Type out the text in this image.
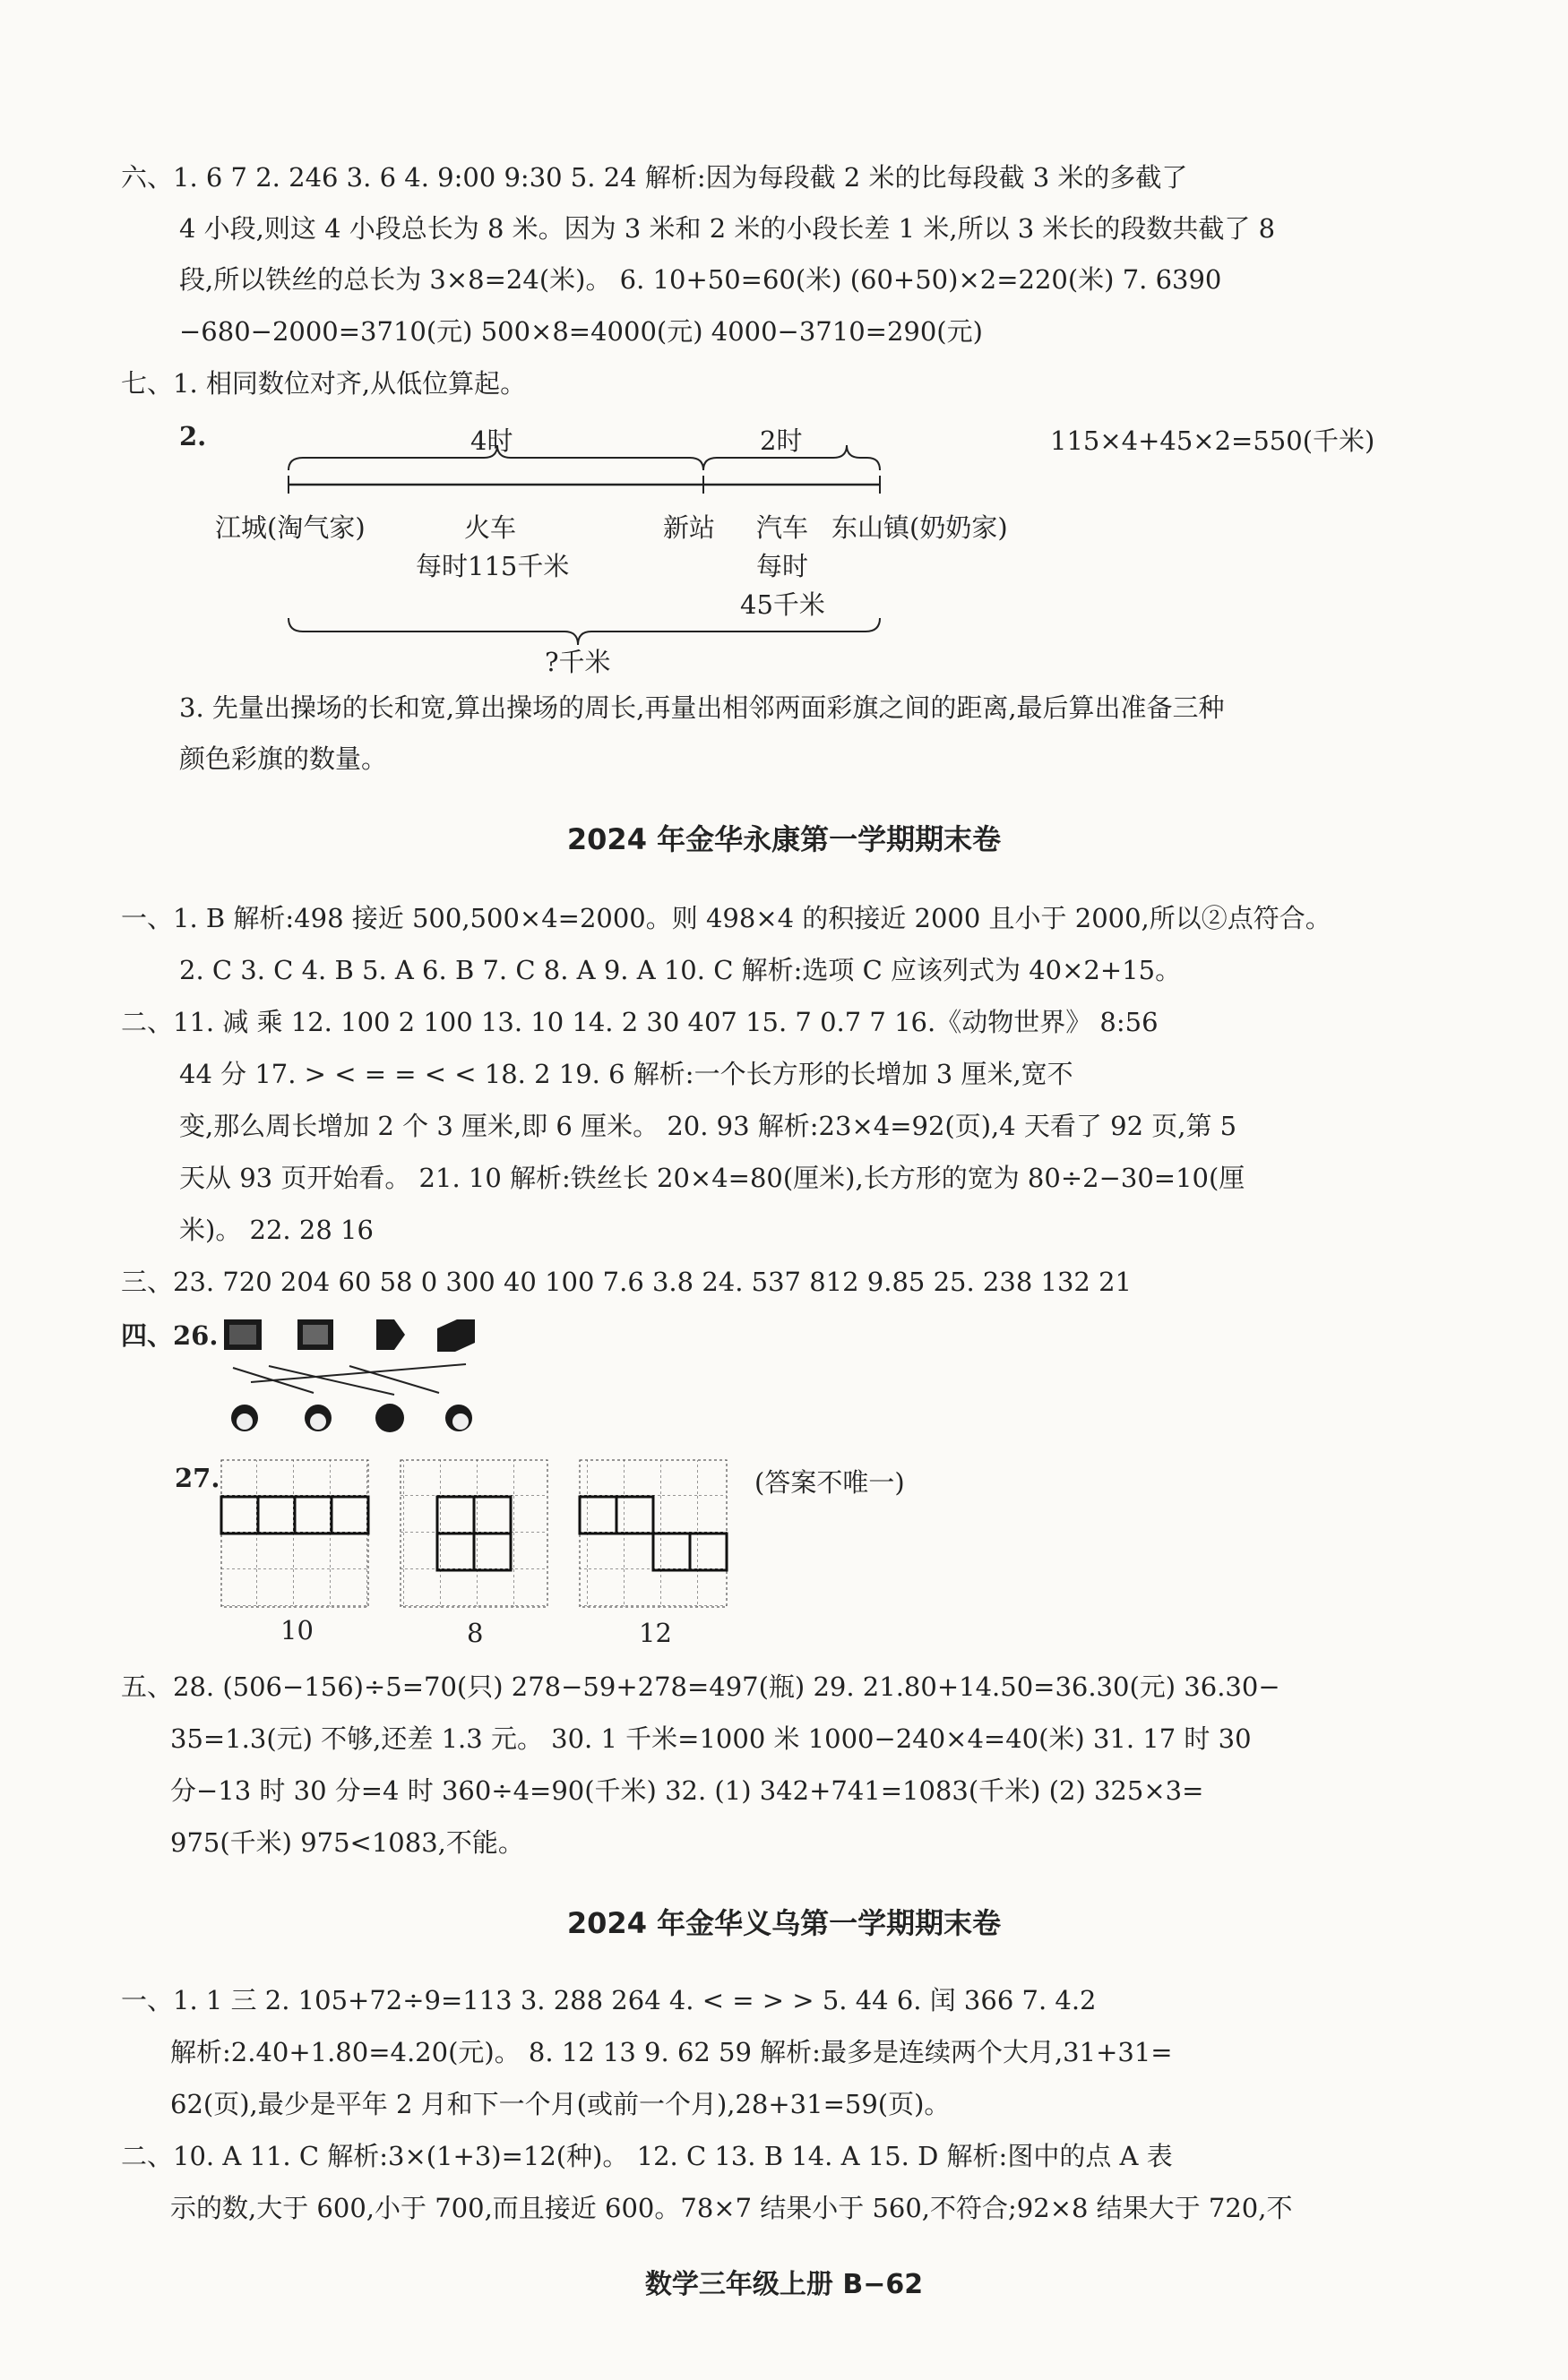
六、1. 6 7 2. 246 3. 6 4. 9:00 9:30 5. 24 解析:因为每段截 2 米的比每段截 3 米的多截了
4 小段,则这 4 小段总长为 8 米。因为 3 米和 2 米的小段长差 1 米,所以 3 米长的段数共截了 8
段,所以铁丝的总长为 3×8=24(米)。 6. 10+50=60(米) (60+50)×2=220(米) 7. 6390
−680−2000=3710(元) 500×8=4000(元) 4000−3710=290(元)
七、1. 相同数位对齐,从低位算起。
2.	115×4+45×2=550(千米)
4时	2时
江城(淘气家)	火车
每时115千米
新站 汽车
每时
45千米
东山镇(奶奶家)
?千米
3. 先量出操场的长和宽,算出操场的周长,再量出相邻两面彩旗之间的距离,最后算出准备三种
颜色彩旗的数量。
2024 年金华永康第一学期期末卷
一、1. B 解析:498 接近 500,500×4=2000。则 498×4 的积接近 2000 且小于 2000,所以②点符合。
2. C 3. C 4. B 5. A 6. B 7. C 8. A 9. A 10. C 解析:选项 C 应该列式为 40×2+15。
二、11. 减 乘 12. 100 2 100 13. 10 14. 2 30 407 15. 7 0.7 7 16.《动物世界》 8:56
44 分 17. > < = = < < 18. 2 19. 6 解析:一个长方形的长增加 3 厘米,宽不
变,那么周长增加 2 个 3 厘米,即 6 厘米。 20. 93 解析:23×4=92(页),4 天看了 92 页,第 5
天从 93 页开始看。 21. 10 解析:铁丝长 20×4=80(厘米),长方形的宽为 80÷2−30=10(厘
米)。 22. 28 16
三、23. 720 204 60 58 0 300 40 100 7.6 3.8 24. 537 812 9.85 25. 238 132 21
四、26.
27.
10	8	12
(答案不唯一)
五、28. (506−156)÷5=70(只) 278−59+278=497(瓶) 29. 21.80+14.50=36.30(元) 36.30−
35=1.3(元) 不够,还差 1.3 元。 30. 1 千米=1000 米 1000−240×4=40(米) 31. 17 时 30
分−13 时 30 分=4 时 360÷4=90(千米) 32. (1) 342+741=1083(千米) (2) 325×3=
975(千米) 975<1083,不能。
2024 年金华义乌第一学期期末卷
一、1. 1 三 2. 105+72÷9=113 3. 288 264 4. < = > > 5. 44 6. 闰 366 7. 4.2
解析:2.40+1.80=4.20(元)。 8. 12 13 9. 62 59 解析:最多是连续两个大月,31+31=
62(页),最少是平年 2 月和下一个月(或前一个月),28+31=59(页)。
二、10. A 11. C 解析:3×(1+3)=12(种)。 12. C 13. B 14. A 15. D 解析:图中的点 A 表
示的数,大于 600,小于 700,而且接近 600。78×7 结果小于 560,不符合;92×8 结果大于 720,不
数学三年级上册 B−62
